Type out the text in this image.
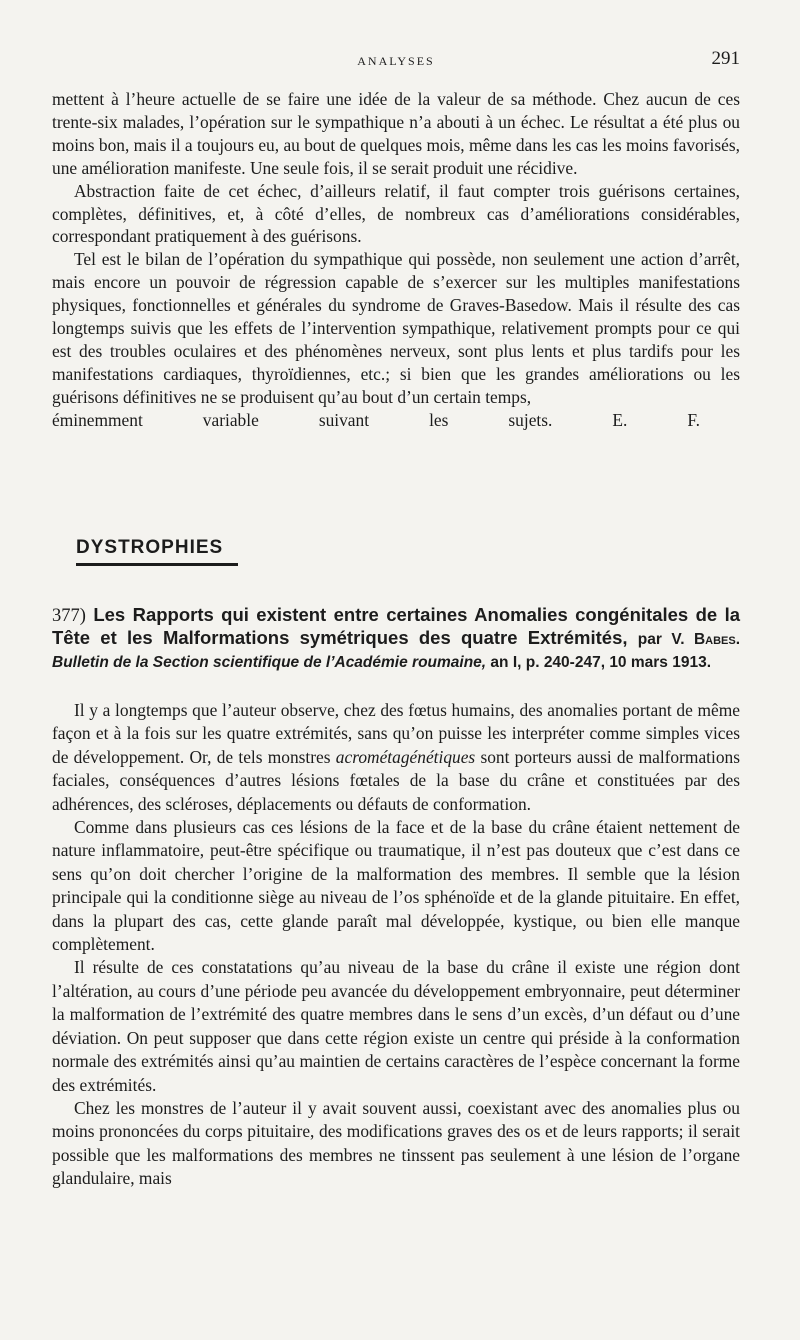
ANALYSES	291

mettent à l’heure actuelle de se faire une idée de la valeur de sa méthode. Chez aucun de ces trente-six malades, l’opération sur le sympathique n’a abouti à un échec. Le résultat a été plus ou moins bon, mais il a toujours eu, au bout de quelques mois, même dans les cas les moins favorisés, une amélioration manifeste. Une seule fois, il se serait produit une récidive.

Abstraction faite de cet échec, d’ailleurs relatif, il faut compter trois guérisons certaines, complètes, définitives, et, à côté d’elles, de nombreux cas d’améliorations considérables, correspondant pratiquement à des guérisons.

Tel est le bilan de l’opération du sympathique qui possède, non seulement une action d’arrêt, mais encore un pouvoir de régression capable de s’exercer sur les multiples manifestations physiques, fonctionnelles et générales du syndrome de Graves-Basedow. Mais il résulte des cas longtemps suivis que les effets de l’intervention sympathique, relativement prompts pour ce qui est des troubles oculaires et des phénomènes nerveux, sont plus lents et plus tardifs pour les manifestations cardiaques, thyroïdiennes, etc.; si bien que les grandes améliorations ou les guérisons définitives ne se produisent qu’au bout d’un certain temps,

éminemment variable suivant les sujets.	E. F.

DYSTROPHIES
377) Les Rapports qui existent entre certaines Anomalies congénitales de la Tête et les Malformations symétriques des quatre Extrémités, par V. Babes. Bulletin de la Section scientifique de l’Académie roumaine, an I, p. 240-247, 10 mars 1913.

Il y a longtemps que l’auteur observe, chez des fœtus humains, des anomalies portant de même façon et à la fois sur les quatre extrémités, sans qu’on puisse les interpréter comme simples vices de développement. Or, de tels monstres acrométagénétiques sont porteurs aussi de malformations faciales, conséquences d’autres lésions fœtales de la base du crâne et constituées par des adhérences, des scléroses, déplacements ou défauts de conformation.

Comme dans plusieurs cas ces lésions de la face et de la base du crâne étaient nettement de nature inflammatoire, peut-être spécifique ou traumatique, il n’est pas douteux que c’est dans ce sens qu’on doit chercher l’origine de la malformation des membres. Il semble que la lésion principale qui la conditionne siège au niveau de l’os sphénoïde et de la glande pituitaire. En effet, dans la plupart des cas, cette glande paraît mal développée, kystique, ou bien elle manque complètement.

Il résulte de ces constatations qu’au niveau de la base du crâne il existe une région dont l’altération, au cours d’une période peu avancée du développement embryonnaire, peut déterminer la malformation de l’extrémité des quatre membres dans le sens d’un excès, d’un défaut ou d’une déviation. On peut supposer que dans cette région existe un centre qui préside à la conformation normale des extrémités ainsi qu’au maintien de certains caractères de l’espèce concernant la forme des extrémités.

Chez les monstres de l’auteur il y avait souvent aussi, coexistant avec des anomalies plus ou moins prononcées du corps pituitaire, des modifications graves des os et de leurs rapports; il serait possible que les malformations des membres ne tinssent pas seulement à une lésion de l’organe glandulaire, mais
